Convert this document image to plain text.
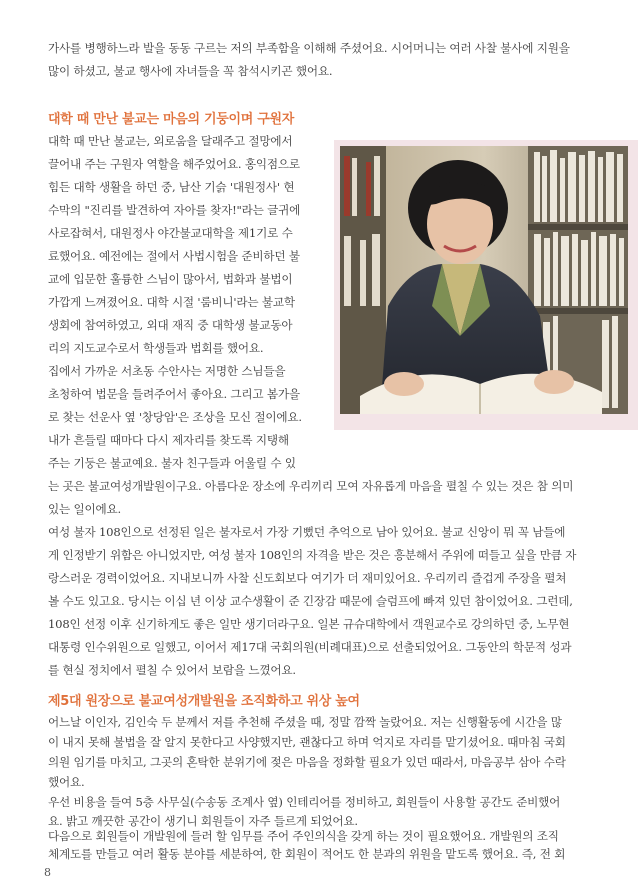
가사를 병행하느라 발을 동동 구르는 저의 부족함을 이해해 주셨어요. 시어머니는 여러 사찰 불사에 지원을

많이 하셨고, 불교 행사에 자녀들을 꼭 참석시키곤 했어요.

대학 때 만난 불교는 마음의 기둥이며 구원자

대학 때 만난 불교는, 외로움을 달래주고 절망에서

끌어내 주는 구원자 역할을 해주었어요. 홍익점으로

힘든 대학 생활을 하던 중, 남산 기슭 '대원정사' 현

수막의 "진리를 발견하여 자아를 찾자!"라는 글귀에

사로잡혀서, 대원정사 야간불교대학을 제1기로 수

료했어요. 예전에는 절에서 사법시험을 준비하던 불

교에 입문한 훌륭한 스님이 많아서, 법화과 불법이

가깝게 느껴졌어요. 대학 시절 '룸비니'라는 불교학

생회에 참여하였고, 외대 재직 중 대학생 불교동아

리의 지도교수로서 학생들과 법회를 했어요.

집에서 가까운 서초동 수안사는 저명한 스님들을

초청하여 법문을 들려주어서 좋아요. 그리고 봄가을

로 찾는 선운사 옆 '창당암'은 조상을 모신 절이에요.

내가 흔들릴 때마다 다시 제자리를 찾도록 지탱해

주는 기둥은 불교예요. 불자 친구들과 어울릴 수 있

는 곳은 불교여성개발원이구요. 아름다운 장소에 우리끼리 모여 자유롭게 마음을 펼칠 수 있는 것은 참 의미

있는 일이에요.

여성 불자 108인으로 선정된 일은 불자로서 가장 기뻤던 추억으로 남아 있어요. 불교 신앙이 뭐 꼭 남들에

게 인정받기 위함은 아니었지만, 여성 불자 108인의 자격을 받은 것은 흥분해서 주위에 떠들고 싶을 만큼 자

랑스러운 경력이었어요. 지내보니까 사찰 신도회보다 여기가 더 재미있어요. 우리끼리 즐겁게 주장을 펼쳐

볼 수도 있고요. 당시는 이십 년 이상 교수생활이 준 긴장감 때문에 슬럼프에 빠져 있던 참이었어요. 그런데,

108인 선정 이후 신기하게도 좋은 일만 생기더라구요. 일본 규슈대학에서 객원교수로 강의하던 중, 노무현

대통령 인수위원으로 일했고, 이어서 제17대 국회의원(비례대표)으로 선출되었어요. 그동안의 학문적 성과

를 현실 정치에서 펼칠 수 있어서 보람을 느꼈어요.

제5대 원장으로 불교여성개발원을 조직화하고 위상 높여

어느날 이인자, 김인숙 두 분께서 저를 추천해 주셨을 때, 정말 깜짝 놀랐어요. 저는 신행활동에 시간을 많

이 내지 못해 불법을 잘 알지 못한다고 사양했지만, 괜찮다고 하며 억지로 자리를 맡기셨어요. 때마침 국회

의원 임기를 마치고, 그곳의 혼탁한 분위기에 젖은 마음을 정화할 필요가 있던 때라서, 마음공부 삼아 수락

했어요.

우선 비용을 들여 5층 사무실(수송동 조계사 옆) 인테리어를 정비하고, 회원들이 사용할 공간도 준비했어

요. 밝고 깨끗한 공간이 생기니 회원들이 자주 들르게 되었어요.

8

다음으로 회원들이 개발원에 들러 할 임무를 주어 주인의식을 갖게 하는 것이 필요했어요. 개발원의 조직

체계도를 만들고 여러 활동 분야를 세분하여, 한 회원이 적어도 한 분과의 위원을 맡도록 했어요. 즉, 전 회
